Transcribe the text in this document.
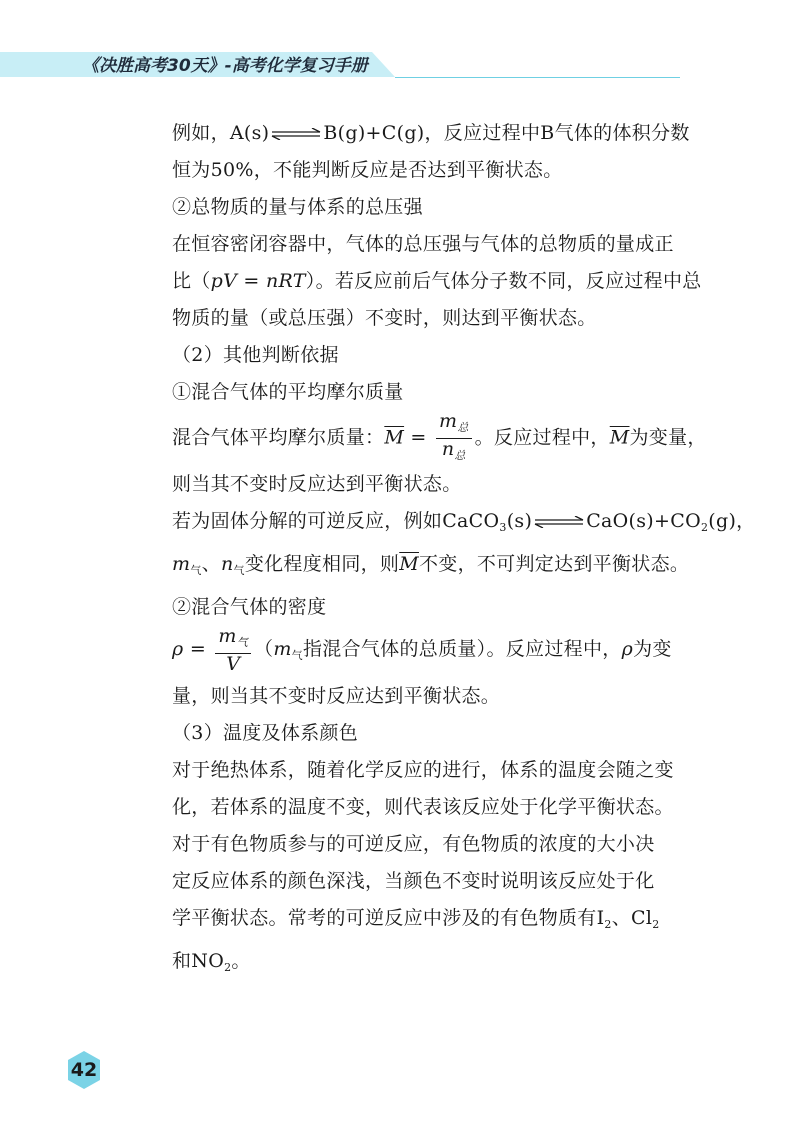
《决胜高考30天》-高考化学复习手册

例如，A(s)⇌B(g)+C(g)，反应过程中B气体的体积分数

恒为50%，不能判断反应是否达到平衡状态。

②总物质的量与体系的总压强

在恒容密闭容器中，气体的总压强与气体的总物质的量成正

比（pV = nRT）。若反应前后气体分子数不同，反应过程中总

物质的量（或总压强）不变时，则达到平衡状态。

（2）其他判断依据

①混合气体的平均摩尔质量

混合气体平均摩尔质量：$\overline{M} = \frac{m_总}{n_总}$ 。反应过程中，$\overline{M}$为变量，

则当其不变时反应达到平衡状态。

若为固体分解的可逆反应，例如$CaCO_3(s)\rightleftharpoons CaO(s)+CO_2(g)$，

$m_气$、$n_气$变化程度相同，则$\overline{M}$不变，不可判定达到平衡状态。

②混合气体的密度

$\rho = \frac{m_气}{V} (m_气$指混合气体的总质量）。反应过程中，ρ为变

量，则当其不变时反应达到平衡状态。

（3）温度及体系颜色

对于绝热体系，随着化学反应的进行，体系的温度会随之变

化，若体系的温度不变，则代表该反应处于化学平衡状态。

对于有色物质参与的可逆反应，有色物质的浓度的大小决

定反应体系的颜色深浅，当颜色不变时说明该反应处于化

学平衡状态。常考的可逆反应中涉及的有色物质有$I_2$、$Cl_2$

和$NO_2$。

42
